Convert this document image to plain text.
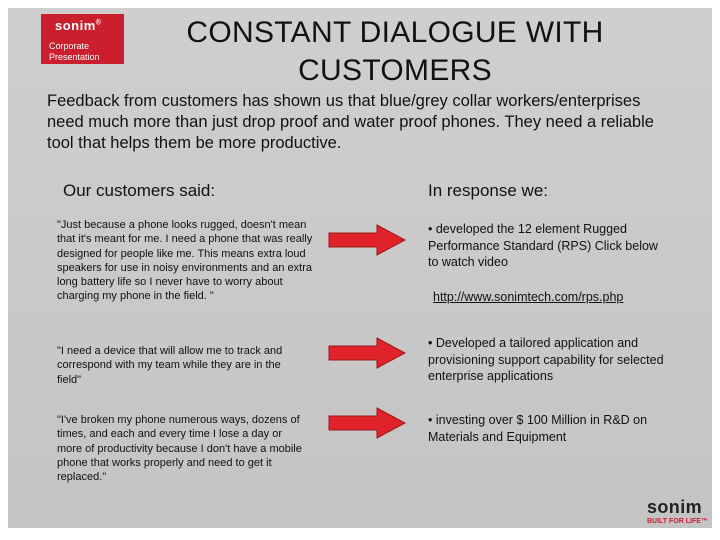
sonim®
Corporate
Presentation
CONSTANT DIALOGUE WITH CUSTOMERS
Feedback from customers has shown us that blue/grey collar workers/enterprises need much more than just drop proof and water proof phones. They need a reliable tool that helps them be more productive.
Our customers said:	In response we:
"Just because a phone looks rugged, doesn't mean that it's meant for me. I need a phone that was really designed for people like me. This means extra loud speakers for use in noisy environments and an extra long battery life so I never have to worry about charging my phone in the field. "
"I need a device that will allow me to track and correspond with my team while they are in the field"
"I've broken my phone numerous ways, dozens of times, and each and every time I lose a day or more of productivity because I don't have a mobile phone that works properly and need to get it replaced."
• developed the 12 element Rugged Performance Standard (RPS) Click below to watch video
http://www.sonimtech.com/rps.php
• Developed a tailored application and provisioning support capability for selected enterprise applications
• investing over $ 100 Million in R&D on Materials and Equipment
sonim
BUILT FOR LIFE™
